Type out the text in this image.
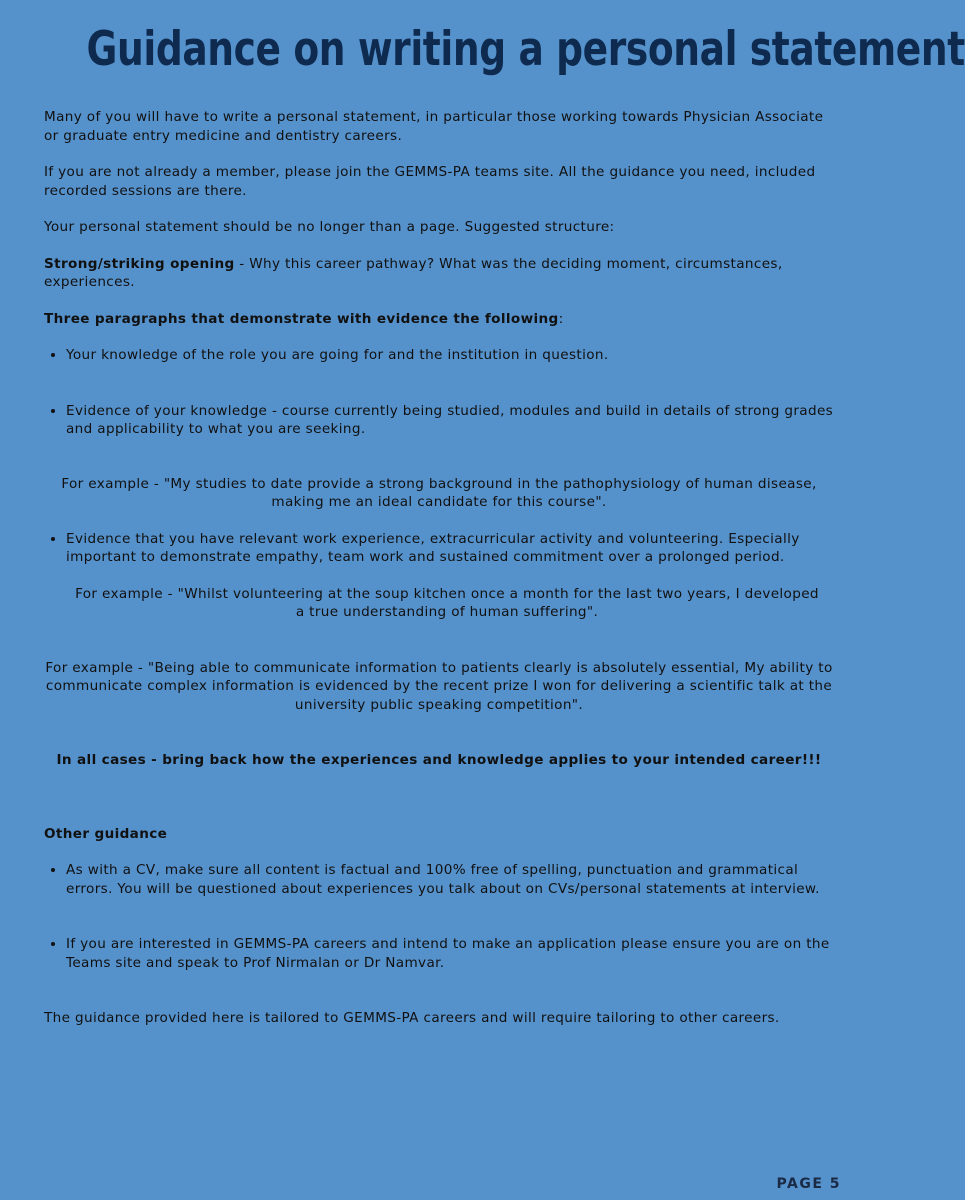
Guidance on writing a personal statement

Many of you will have to write a personal statement, in particular those working towards Physician Associate or graduate entry medicine and dentistry careers.

If you are not already a member, please join the GEMMS-PA teams site. All the guidance you need, included recorded sessions are there.

Your personal statement should be no longer than a page. Suggested structure:

Strong/striking opening - Why this career pathway? What was the deciding moment, circumstances, experiences.

Three paragraphs that demonstrate with evidence the following:

• Your knowledge of the role you are going for and the institution in question.
• Evidence of your knowledge - course currently being studied, modules and build in details of strong grades and applicability to what you are seeking.

For example - "My studies to date provide a strong background in the pathophysiology of human disease, making me an ideal candidate for this course".

• Evidence that you have relevant work experience, extracurricular activity and volunteering. Especially important to demonstrate empathy, team work and sustained commitment over a prolonged period.

For example - "Whilst volunteering at the soup kitchen once a month for the last two years, I developed a true understanding of human suffering".

For example - "Being able to communicate information to patients clearly is absolutely essential, My ability to communicate complex information is evidenced by the recent prize I won for delivering a scientific talk at the university public speaking competition".

In all cases - bring back how the experiences and knowledge applies to your intended career!!!

Other guidance

• As with a CV, make sure all content is factual and 100% free of spelling, punctuation and grammatical errors. You will be questioned about experiences you talk about on CVs/personal statements at interview.
• If you are interested in GEMMS-PA careers and intend to make an application please ensure you are on the Teams site and speak to Prof Nirmalan or Dr Namvar.

The guidance provided here is tailored to GEMMS-PA careers and will require tailoring to other careers.

PAGE 5
